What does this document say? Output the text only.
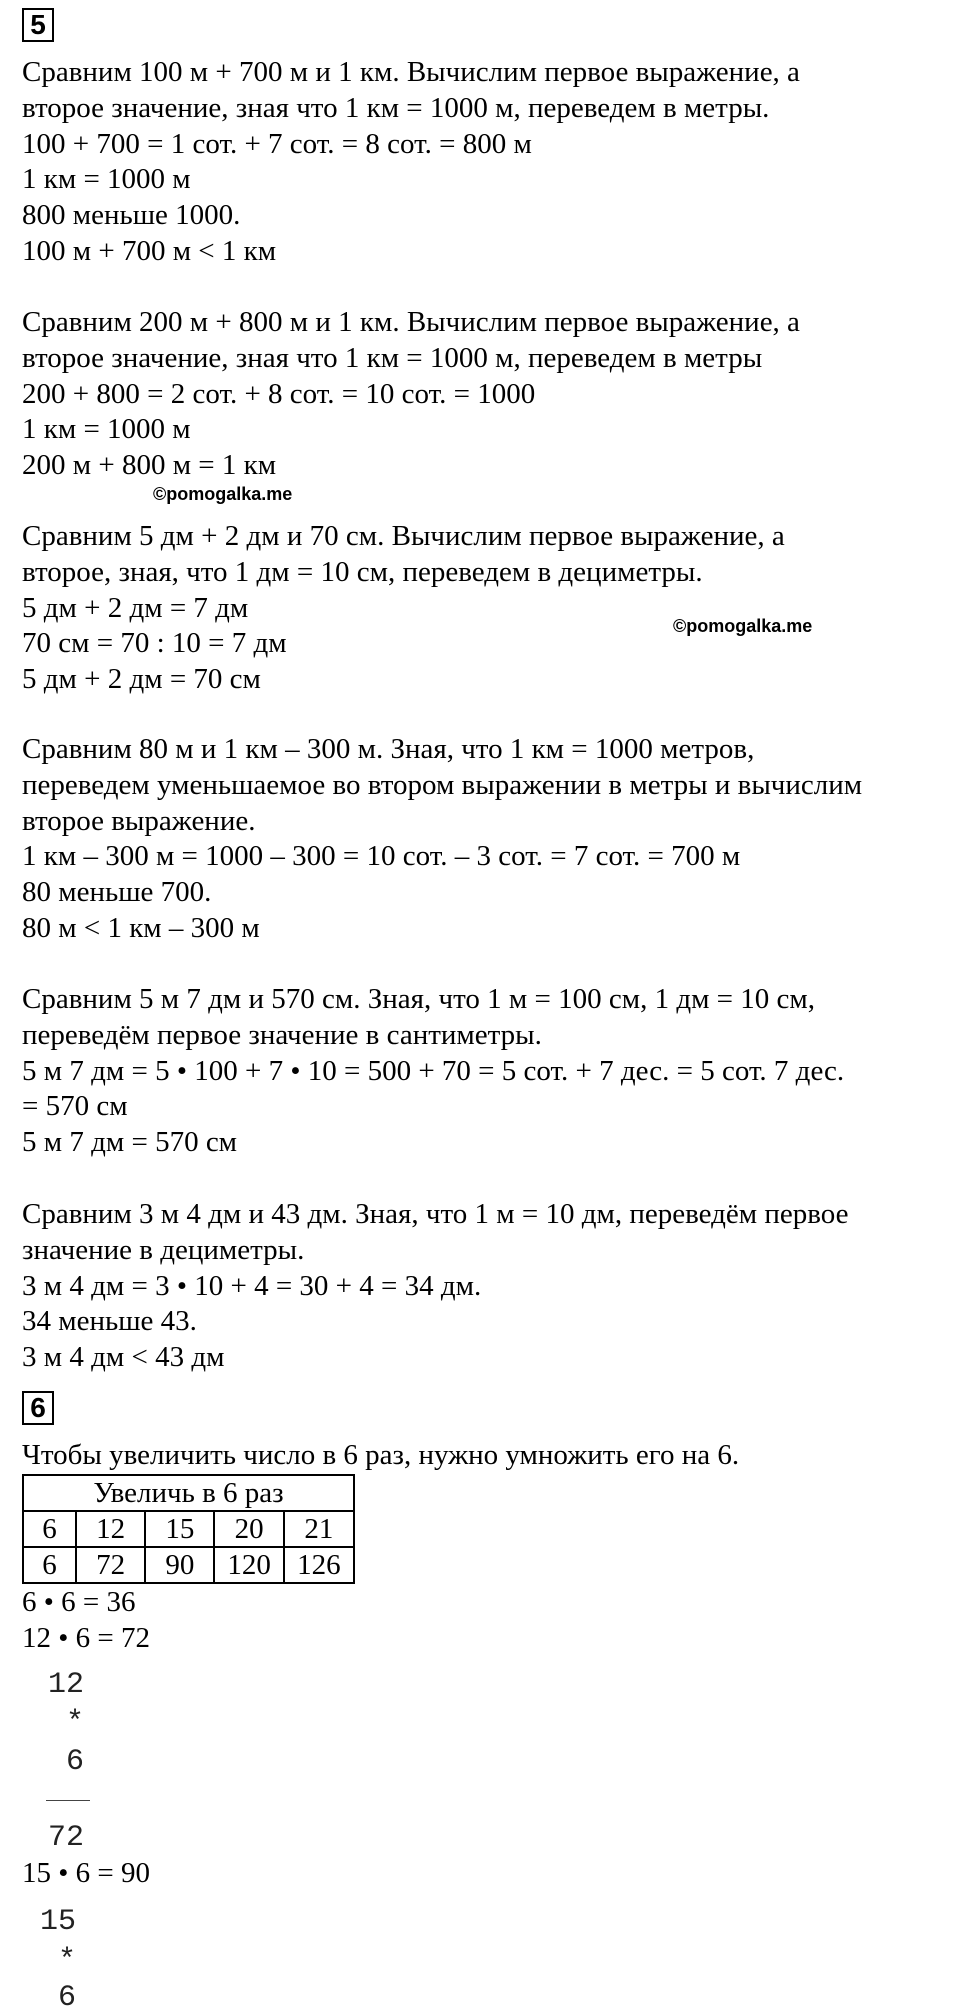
5
Сравним 100 м + 700 м и 1 км. Вычислим первое выражение, а
второе значение, зная что 1 км = 1000 м, переведем в метры.
100 + 700 = 1 сот. + 7 сот. = 8 сот. = 800 м
1 км = 1000 м
800 меньше 1000.
100 м + 700 м < 1 км
Сравним 200 м + 800 м и 1 км. Вычислим первое выражение, а
второе значение, зная что 1 км = 1000 м, переведем в метры
200 + 800 = 2 сот. + 8 сот. = 10 сот. = 1000
1 км = 1000 м
200 м + 800 м = 1 км
©pomogalka.me
Сравним 5 дм + 2 дм и 70 см. Вычислим первое выражение, а
второе, зная, что 1 дм = 10 см, переведем в дециметры.
5 дм + 2 дм = 7 дм
70 см = 70 : 10 = 7 дм
5 дм + 2 дм = 70 см
©pomogalka.me
Сравним 80 м и 1 км – 300 м. Зная, что 1 км = 1000 метров,
переведем уменьшаемое во втором выражении в метры и вычислим
второе выражение.
1 км – 300 м = 1000 – 300 = 10 сот. – 3 сот. = 7 сот. = 700 м
80 меньше 700.
80 м < 1 км – 300 м
Сравним 5 м 7 дм и 570 см. Зная, что 1 м = 100 см, 1 дм = 10 см,
переведём первое значение в сантиметры.
5 м 7 дм = 5 • 100 + 7 • 10 = 500 + 70 = 5 сот. + 7 дес. = 5 сот. 7 дес.
= 570 см
5 м 7 дм = 570 см
Сравним 3 м 4 дм и 43 дм. Зная, что 1 м = 10 дм, переведём первое
значение в дециметры.
3 м 4 дм = 3 • 10 + 4 = 30 + 4 = 34 дм.
34 меньше 43.
3 м 4 дм < 43 дм
6
Чтобы увеличить число в 6 раз, нужно умножить его на 6.
Увеличь в 6 раз				
6	12	15	20	21
6	72	90	120	126
6 • 6 = 36
12 • 6 = 72
12
*
6
72
15 • 6 = 90
15
*
6
